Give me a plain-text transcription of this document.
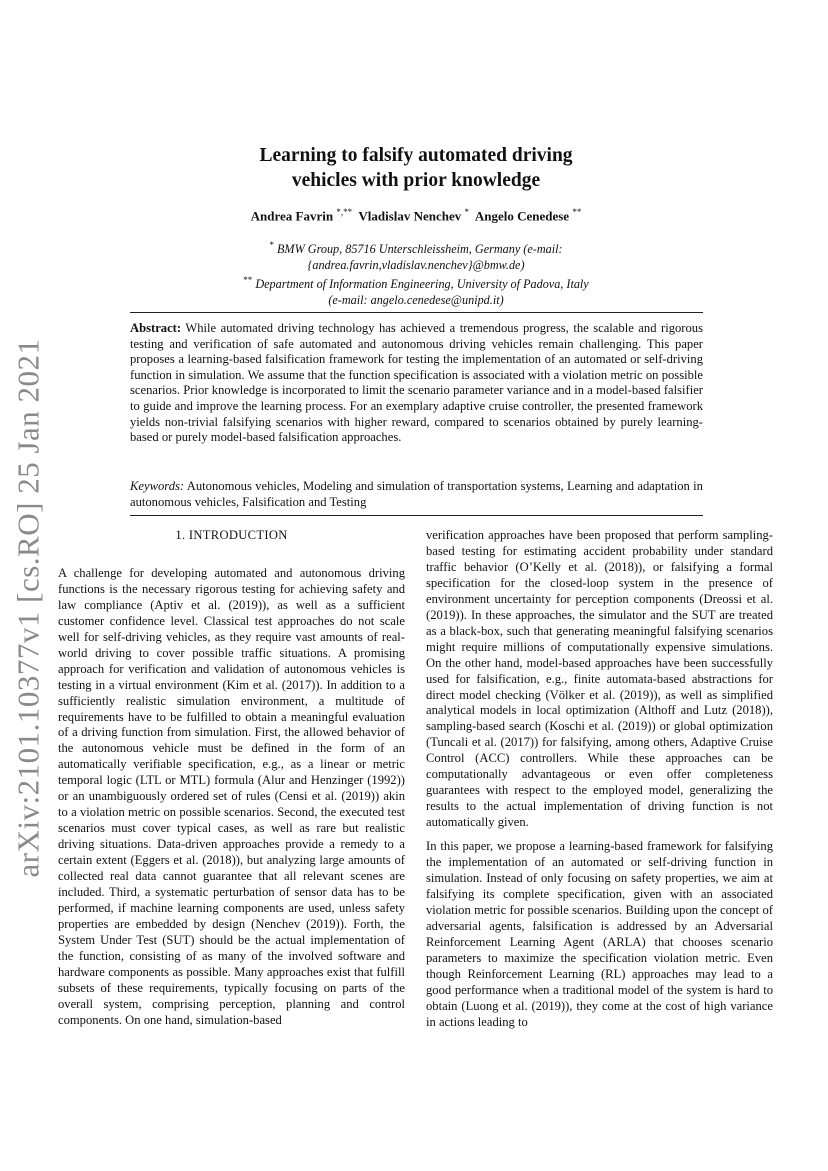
arXiv:2101.10377v1 [cs.RO] 25 Jan 2021
Learning to falsify automated driving
vehicles with prior knowledge
Andrea Favrin *,** Vladislav Nenchev * Angelo Cenedese **

* BMW Group, 85716 Unterschleissheim, Germany (e-mail:

{andrea.favrin,vladislav.nenchev}@bmw.de)

** Department of Information Engineering, University of Padova, Italy

(e-mail: angelo.cenedese@unipd.it)

Abstract: While automated driving technology has achieved a tremendous progress, the scalable and rigorous testing and verification of safe automated and autonomous driving vehicles remain challenging. This paper proposes a learning-based falsification framework for testing the implementation of an automated or self-driving function in simulation. We assume that the function specification is associated with a violation metric on possible scenarios. Prior knowledge is incorporated to limit the scenario parameter variance and in a model-based falsifier to guide and improve the learning process. For an exemplary adaptive cruise controller, the presented framework yields non-trivial falsifying scenarios with higher reward, compared to scenarios obtained by purely learning-based or purely model-based falsification approaches.
Keywords: Autonomous vehicles, Modeling and simulation of transportation systems, Learning and adaptation in autonomous vehicles, Falsification and Testing
1. INTRODUCTION

A challenge for developing automated and autonomous driving functions is the necessary rigorous testing for achieving safety and law compliance (Aptiv et al. (2019)), as well as a sufficient customer confidence level. Classical test approaches do not scale well for self-driving vehicles, as they require vast amounts of real-world driving to cover possible traffic situations. A promising approach for verification and validation of autonomous vehicles is testing in a virtual environment (Kim et al. (2017)). In addition to a sufficiently realistic simulation environment, a multitude of requirements have to be fulfilled to obtain a meaningful evaluation of a driving function from simulation. First, the allowed behavior of the autonomous vehicle must be defined in the form of an automatically verifiable specification, e.g., as a linear or metric temporal logic (LTL or MTL) formula (Alur and Henzinger (1992)) or an unambiguously ordered set of rules (Censi et al. (2019)) akin to a violation metric on possible scenarios. Second, the executed test scenarios must cover typical cases, as well as rare but realistic driving situations. Data-driven approaches provide a remedy to a certain extent (Eggers et al. (2018)), but analyzing large amounts of collected real data cannot guarantee that all relevant scenes are included. Third, a systematic perturbation of sensor data has to be performed, if machine learning components are used, unless safety properties are embedded by design (Nenchev (2019)). Forth, the System Under Test (SUT) should be the actual implementation of the function, consisting of as many of the involved software and hardware components as possible. Many approaches exist that fulfill subsets of these requirements, typically focusing on parts of the overall system, comprising perception, planning and control components. On one hand, simulation-based

verification approaches have been proposed that perform sampling-based testing for estimating accident probability under standard traffic behavior (O’Kelly et al. (2018)), or falsifying a formal specification for the closed-loop system in the presence of environment uncertainty for perception components (Dreossi et al. (2019)). In these approaches, the simulator and the SUT are treated as a black-box, such that generating meaningful falsifying scenarios might require millions of computationally expensive simulations. On the other hand, model-based approaches have been successfully used for falsification, e.g., finite automata-based abstractions for direct model checking (Völker et al. (2019)), as well as simplified analytical models in local optimization (Althoff and Lutz (2018)), sampling-based search (Koschi et al. (2019)) or global optimization (Tuncali et al. (2017)) for falsifying, among others, Adaptive Cruise Control (ACC) controllers. While these approaches can be computationally advantageous or even offer completeness guarantees with respect to the employed model, generalizing the results to the actual implementation of driving function is not automatically given.

In this paper, we propose a learning-based framework for falsifying the implementation of an automated or self-driving function in simulation. Instead of only focusing on safety properties, we aim at falsifying its complete specification, given with an associated violation metric for possible scenarios. Building upon the concept of adversarial agents, falsification is addressed by an Adversarial Reinforcement Learning Agent (ARLA) that chooses scenario parameters to maximize the specification violation metric. Even though Reinforcement Learning (RL) approaches may lead to a good performance when a traditional model of the system is hard to obtain (Luong et al. (2019)), they come at the cost of high variance in actions leading to
